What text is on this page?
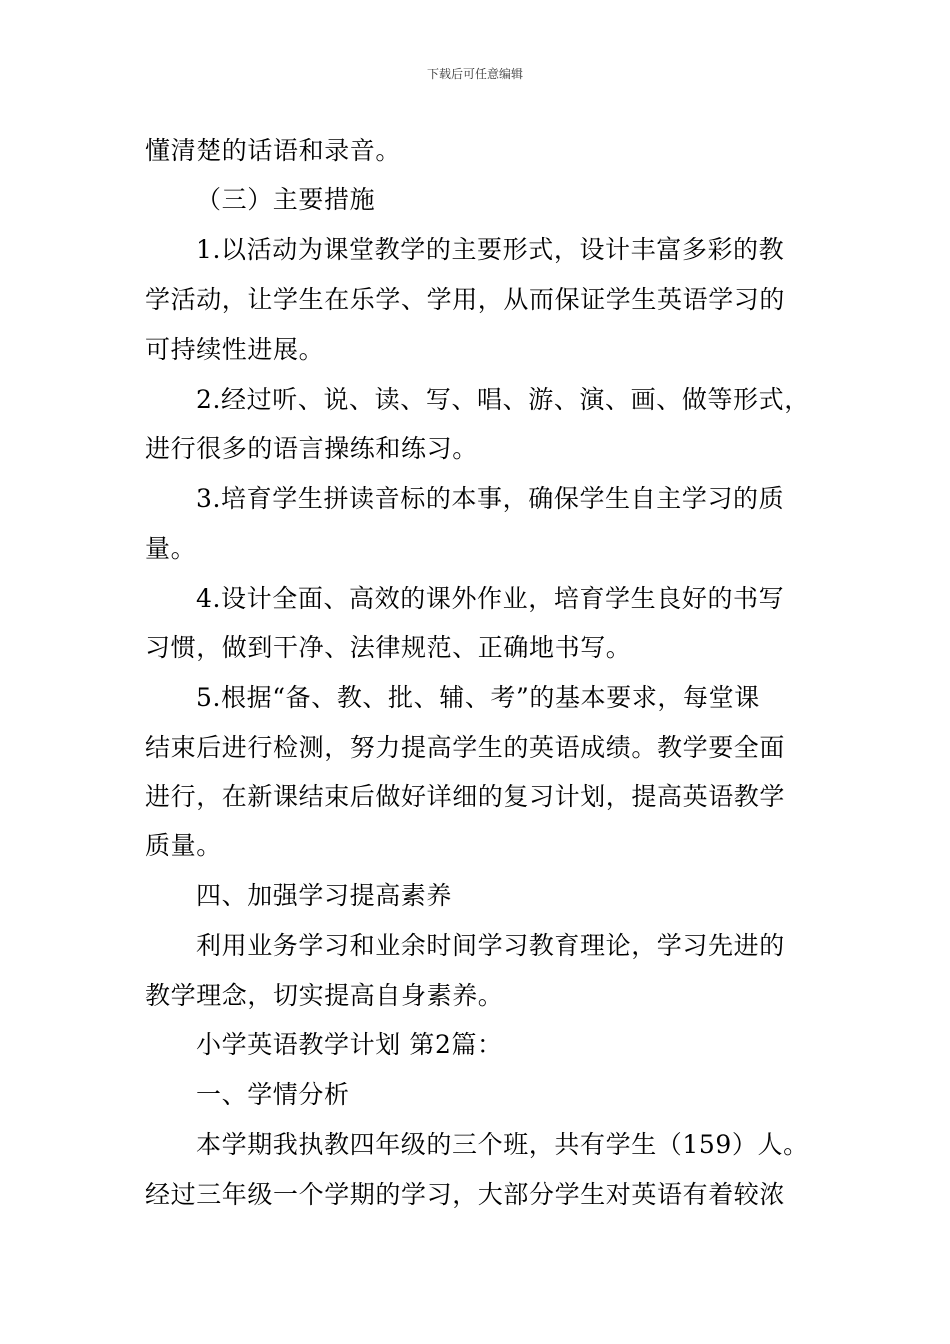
下载后可任意编辑
懂清楚的话语和录音。
（三）主要措施
1.以活动为课堂教学的主要形式，设计丰富多彩的教
学活动，让学生在乐学、学用，从而保证学生英语学习的
可持续性进展。
2.经过听、说、读、写、唱、游、演、画、做等形式，
进行很多的语言操练和练习。
3.培育学生拼读音标的本事，确保学生自主学习的质
量。
4.设计全面、高效的课外作业，培育学生良好的书写
习惯，做到干净、法律规范、正确地书写。
5.根据“备、教、批、辅、考”的基本要求，每堂课
结束后进行检测，努力提高学生的英语成绩。教学要全面
进行，在新课结束后做好详细的复习计划，提高英语教学
质量。
四、加强学习提高素养
利用业务学习和业余时间学习教育理论，学习先进的
教学理念，切实提高自身素养。
小学英语教学计划 第2篇：
一、学情分析
本学期我执教四年级的三个班，共有学生（159）人。
经过三年级一个学期的学习，大部分学生对英语有着较浓
